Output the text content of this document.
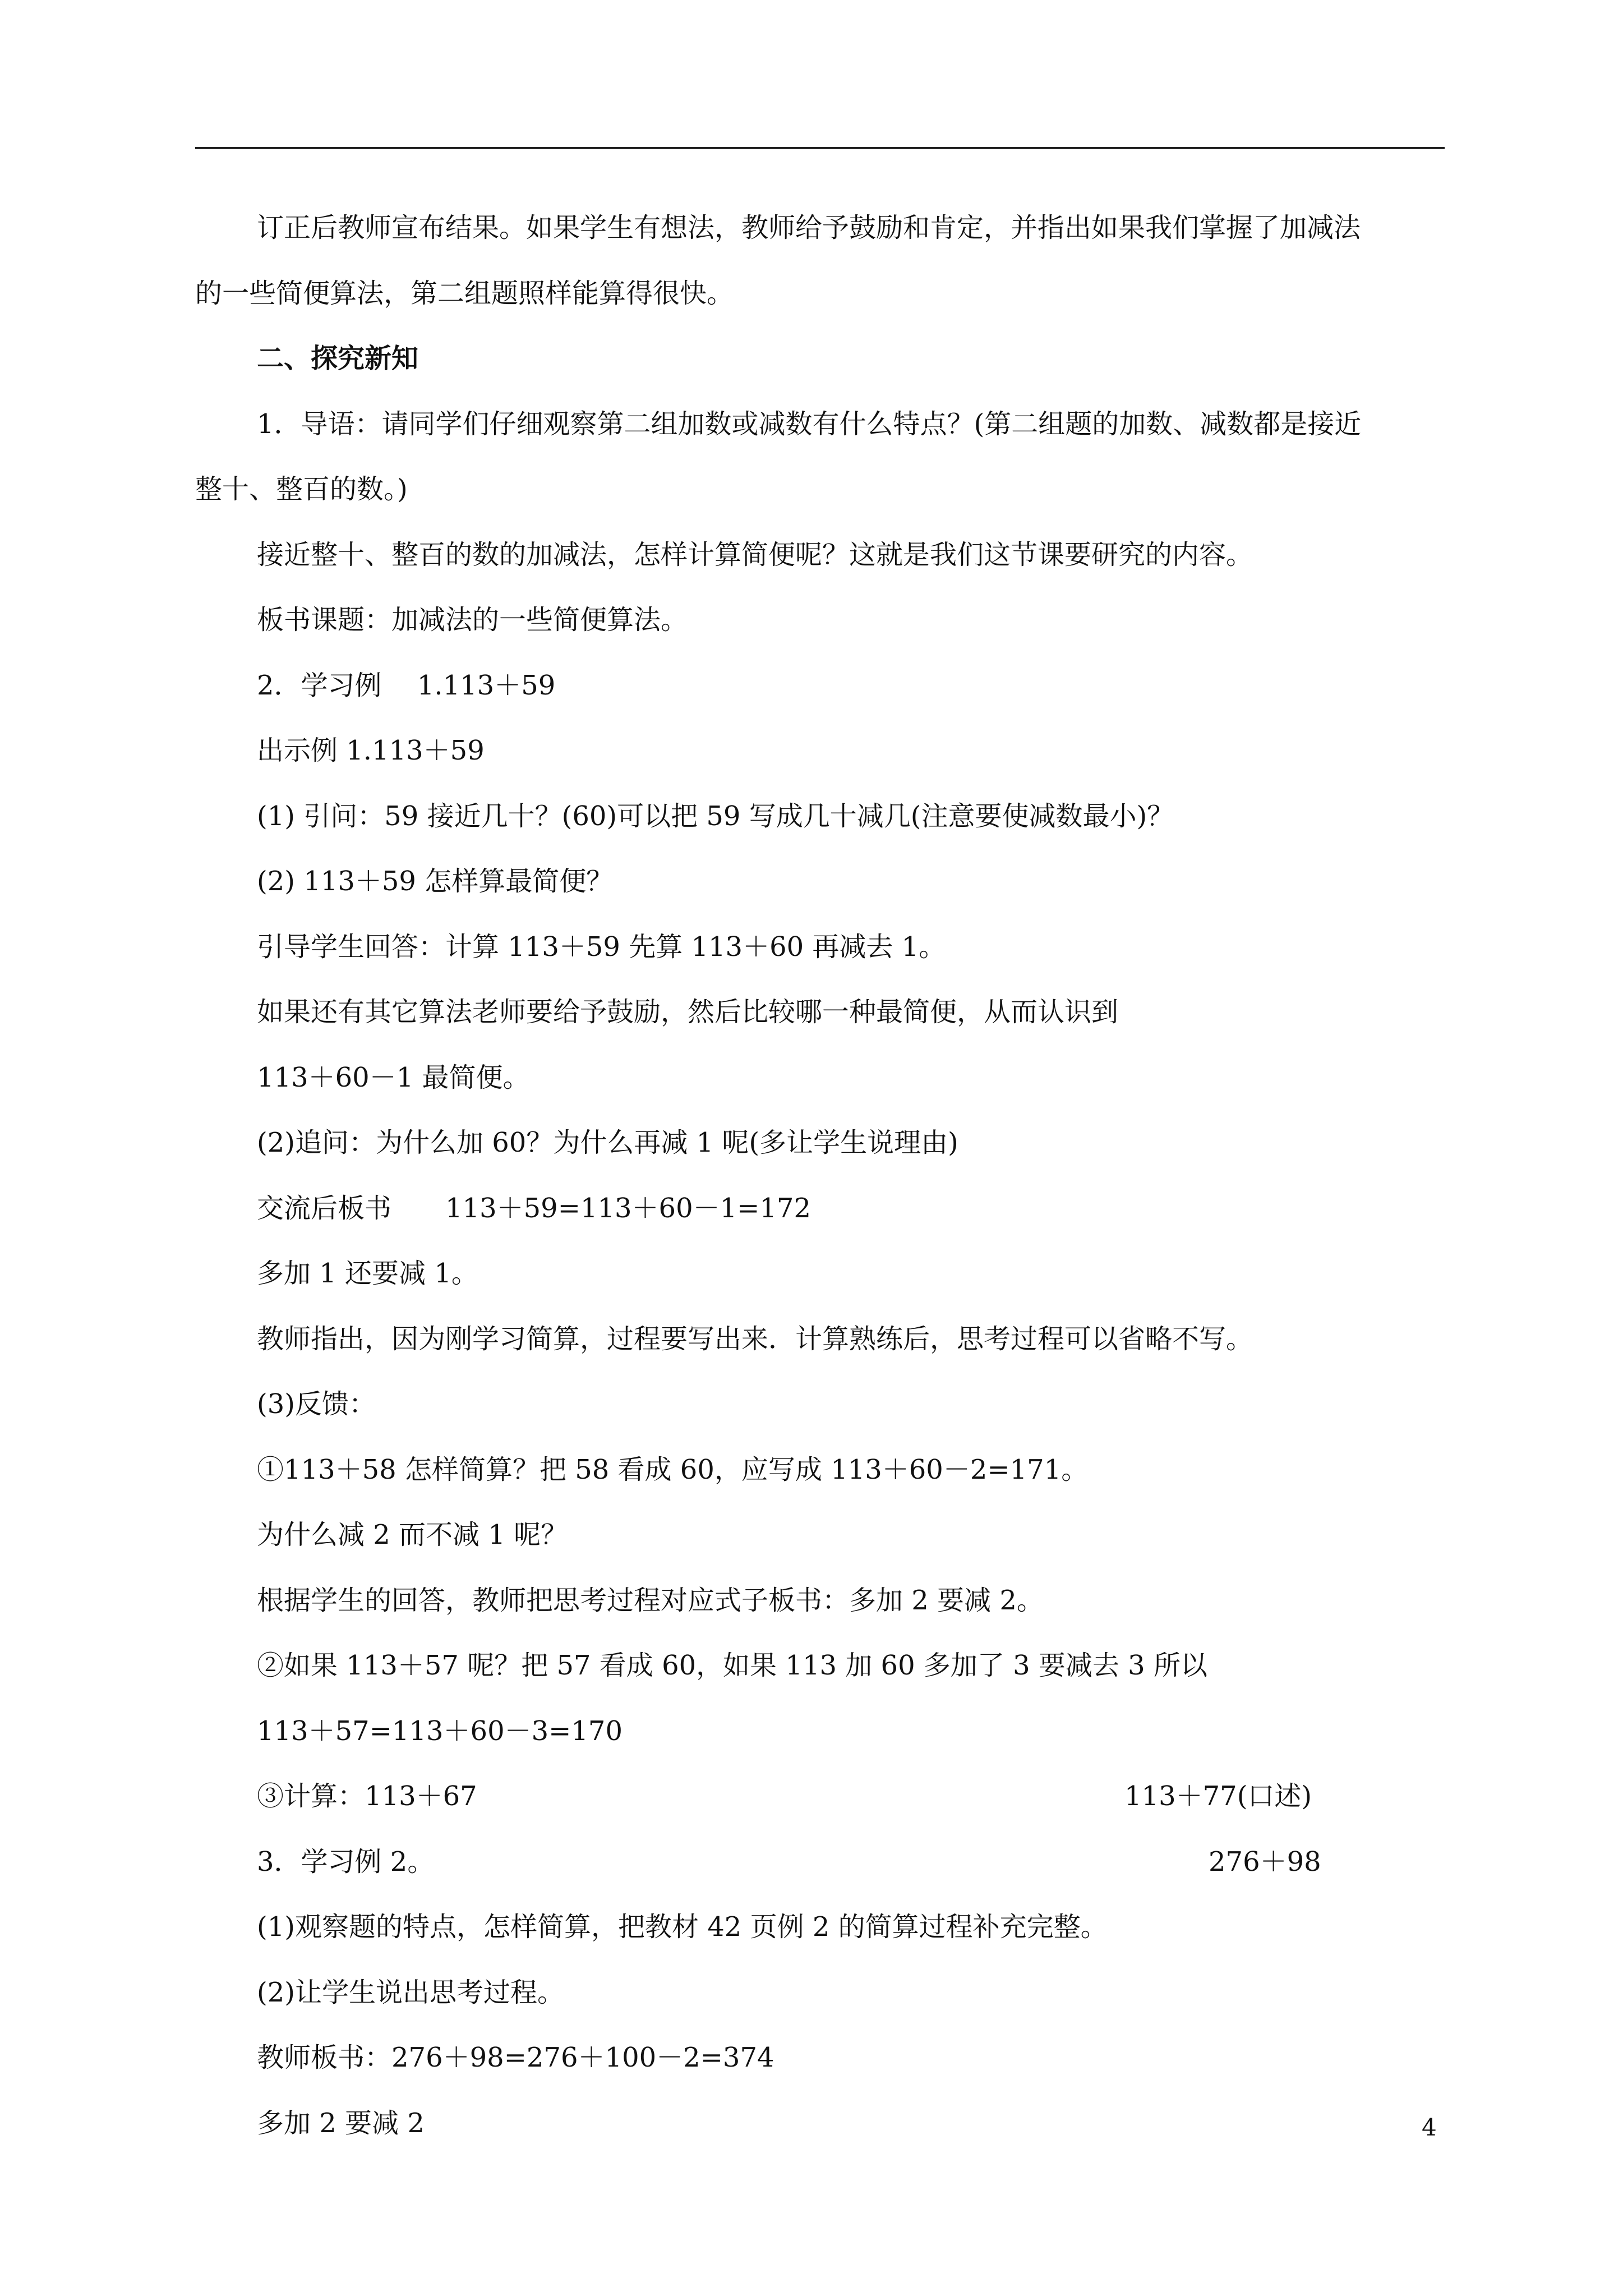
订正后教师宣布结果。如果学生有想法，教师给予鼓励和肯定，并指出如果我们掌握了加减法
的一些简便算法，第二组题照样能算得很快。
二、探究新知
1．导语：请同学们仔细观察第二组加数或减数有什么特点？(第二组题的加数、减数都是接近
整十、整百的数。)
接近整十、整百的数的加减法，怎样计算简便呢？这就是我们这节课要研究的内容。
板书课题：加减法的一些简便算法。
2．学习例　 1.113＋59
出示例 1.113＋59
(1) 引问：59 接近几十？(60)可以把 59 写成几十减几(注意要使减数最小)？
(2) 113＋59 怎样算最简便？
引导学生回答：计算 113＋59 先算 113＋60 再减去 1。
如果还有其它算法老师要给予鼓励，然后比较哪一种最简便，从而认识到
113＋60－1 最简便。
(2)追问：为什么加 60？为什么再减 1 呢(多让学生说理由)
交流后板书　　113＋59=113＋60－1=172
多加 1 还要减 1。
教师指出，因为刚学习简算，过程要写出来．计算熟练后，思考过程可以省略不写。
(3)反馈：
①113＋58 怎样简算？把 58 看成 60，应写成 113＋60－2=171。
为什么减 2 而不减 1 呢？
根据学生的回答，教师把思考过程对应式子板书：多加 2 要减 2。
②如果 113＋57 呢？把 57 看成 60，如果 113 加 60 多加了 3 要减去 3 所以
113＋57=113＋60－3=170
③计算：113＋67	113＋77(口述)
3．学习例 2。	276＋98
(1)观察题的特点，怎样简算，把教材 42 页例 2 的简算过程补充完整。
(2)让学生说出思考过程。
教师板书：276＋98=276＋100－2=374
多加 2 要减 2	4
